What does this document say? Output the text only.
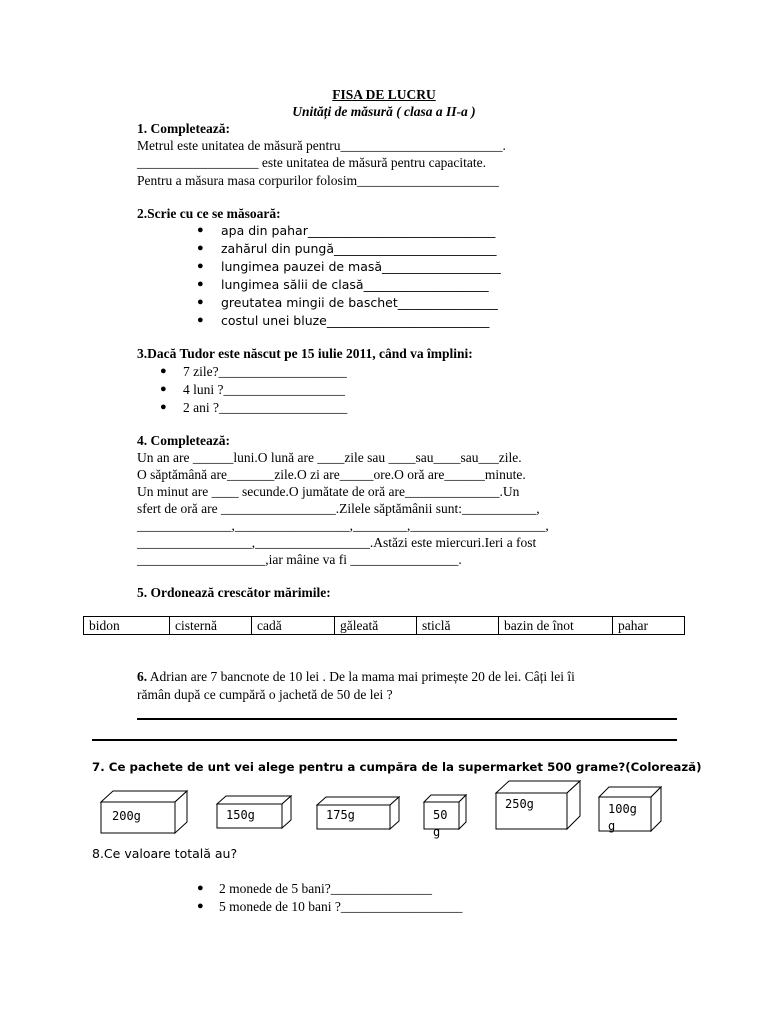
FISA DE LUCRU
Unități de măsură ( clasa a II-a )
1. Completează:
Metrul este unitatea de măsură pentru________________________.
__________________ este unitatea de măsură pentru capacitate.
Pentru a măsura masa corpurilor folosim_____________________
2.Scrie cu ce se măsoară:
● apa din pahar______________________________
● zahărul din pungă__________________________
● lungimea pauzei de masă___________________
● lungimea sălii de clasă____________________
● greutatea mingii de baschet________________
● costul unei bluze__________________________
3.Dacă Tudor este născut pe 15 iulie 2011, când va împlini:
● 7 zile?___________________
● 4 luni ?__________________
● 2 ani ?___________________
4. Completează:
Un an are ______luni.O lună are ____zile sau ____sau____sau___zile.
O săptămână are_______zile.O zi are_____ore.O oră are______minute.
Un minut are ____ secunde.O jumătate de oră are______________.Un
sfert de oră are _________________.Zilele săptămânii sunt:___________,
______________,_________________,________,____________________,
_________________,_________________.Astăzi este miercuri.Ieri a fost
___________________,iar mâine va fi ________________.
5. Ordonează crescător mărimile:
bidon	cisternă	cadă	găleată	sticlă	bazin de înot	pahar
6. Adrian are 7 bancnote de 10 lei . De la mama mai primește 20 de lei. Câți lei îi
rămân după ce cumpără o jachetă de 50 de lei ?
7. Ce pachete de unt vei alege pentru a cumpăra de la supermarket 500 grame?(Colorează)
200g	150g	175g	50
g
250g	100g
g
8.Ce valoare totală au?
● 2 monede de 5 bani?_______________
● 5 monede de 10 bani ?__________________
